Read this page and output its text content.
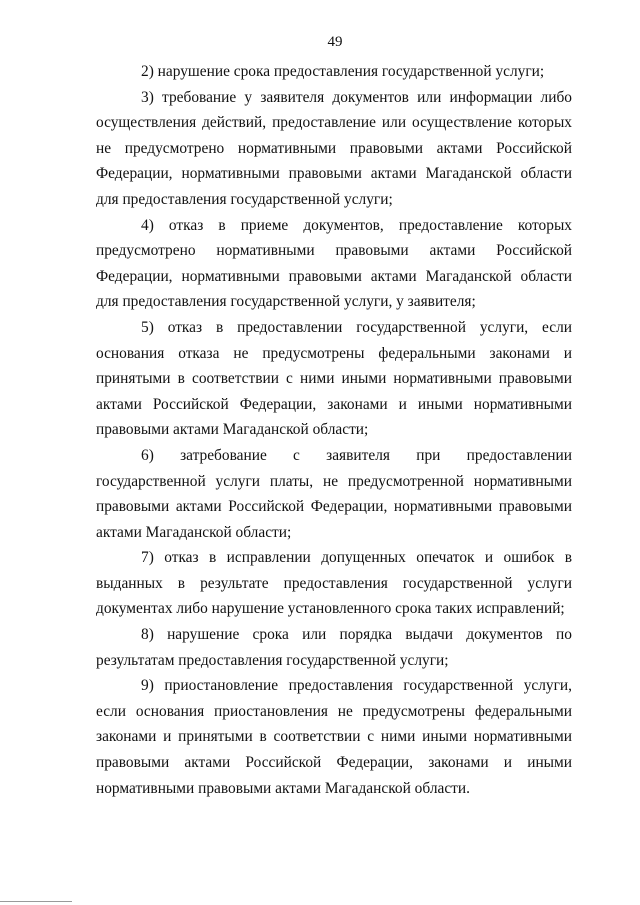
49

2) нарушение срока предоставления государственной услуги;

3) требование у заявителя документов или информации либо осуществления действий, предоставление или осуществление которых не предусмотрено нормативными правовыми актами Российской Федерации, нормативными правовыми актами Магаданской области для предоставления государственной услуги;

4) отказ в приеме документов, предоставление которых предусмотрено нормативными правовыми актами Российской Федерации, нормативными правовыми актами Магаданской области для предоставления государственной услуги, у заявителя;

5) отказ в предоставлении государственной услуги, если основания отказа не предусмотрены федеральными законами и принятыми в соответствии с ними иными нормативными правовыми актами Российской Федерации, законами и иными нормативными правовыми актами Магаданской области;

6) затребование с заявителя при предоставлении государственной услуги платы, не предусмотренной нормативными правовыми актами Российской Федерации, нормативными правовыми актами Магаданской области;

7) отказ в исправлении допущенных опечаток и ошибок в выданных в результате предоставления государственной услуги документах либо нарушение установленного срока таких исправлений;

8) нарушение срока или порядка выдачи документов по результатам предоставления государственной услуги;

9) приостановление предоставления государственной услуги, если основания приостановления не предусмотрены федеральными законами и принятыми в соответствии с ними иными нормативными правовыми актами Российской Федерации, законами и иными нормативными правовыми актами Магаданской области.
